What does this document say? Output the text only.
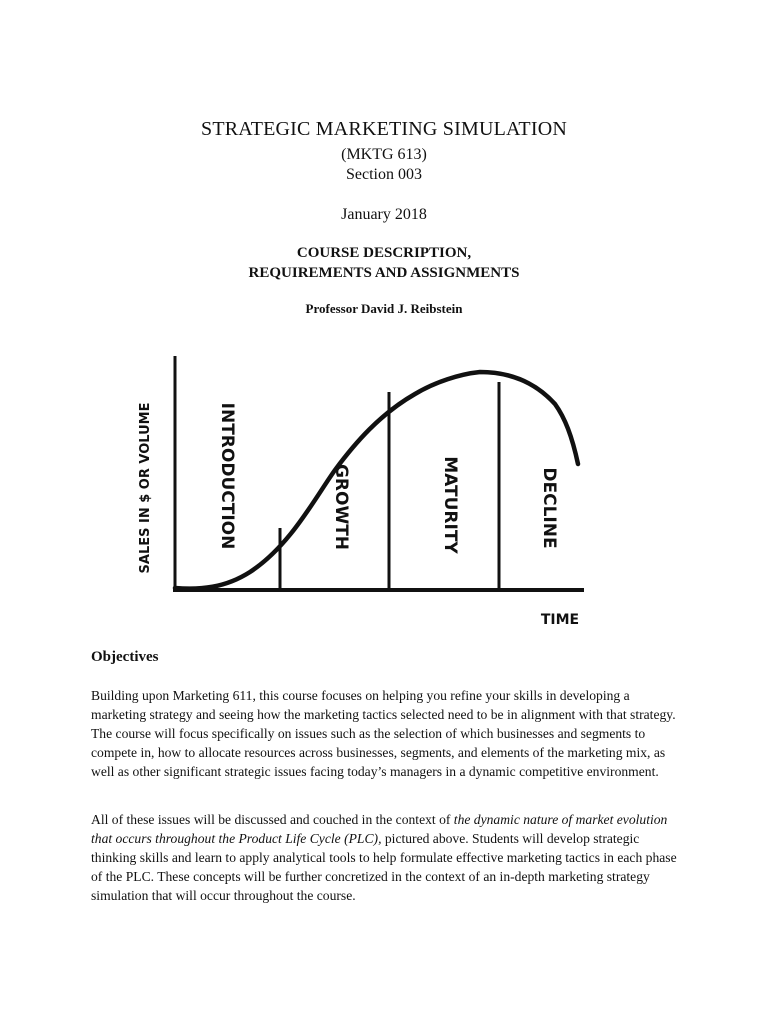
STRATEGIC MARKETING SIMULATION
(MKTG 613)
Section 003
January 2018
COURSE DESCRIPTION,
REQUIREMENTS AND ASSIGNMENTS
Professor David J. Reibstein
SALES IN $ OR VOLUME
TIME
INTRODUCTION	GROWTH	MATURITY	DECLINE
Objectives
Building upon Marketing 611, this course focuses on helping you refine your skills in developing a marketing strategy and seeing how the marketing tactics selected need to be in alignment with that strategy. The course will focus specifically on issues such as the selection of which businesses and segments to compete in, how to allocate resources across businesses, segments, and elements of the marketing mix, as well as other significant strategic issues facing today’s managers in a dynamic competitive environment.
All of these issues will be discussed and couched in the context of the dynamic nature of market evolution that occurs throughout the Product Life Cycle (PLC), pictured above. Students will develop strategic thinking skills and learn to apply analytical tools to help formulate effective marketing tactics in each phase of the PLC. These concepts will be further concretized in the context of an in-depth marketing strategy simulation that will occur throughout the course.
